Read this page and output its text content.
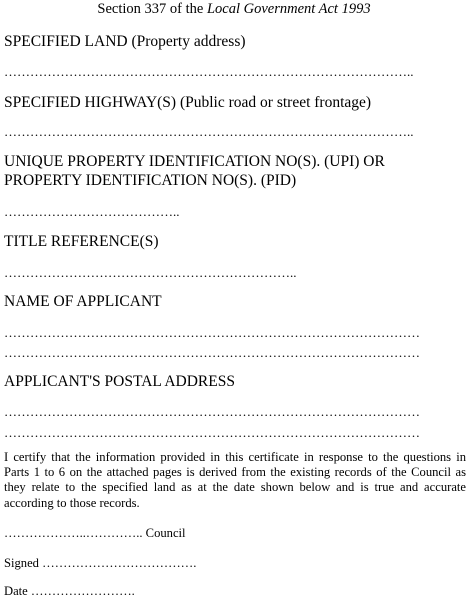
Section 337 of the Local Government Act 1993
SPECIFIED LAND (Property address)
…………………………………………………………………………………..
SPECIFIED HIGHWAY(S) (Public road or street frontage)
…………………………………………………………………………………..
UNIQUE PROPERTY IDENTIFICATION NO(S). (UPI) OR PROPERTY IDENTIFICATION NO(S). (PID)
…………………………………..
TITLE REFERENCE(S)
…………………………………………………………..
NAME OF APPLICANT
……………………………………………………………………………………
……………………………………………………………………………………
APPLICANT'S POSTAL ADDRESS
……………………………………………………………………………………
……………………………………………………………………………………
I certify that the information provided in this certificate in response to the questions in Parts 1 to 6 on the attached pages is derived from the existing records of the Council as they relate to the specified land as at the date shown below and is true and accurate according to those records.
………………..………….. Council
Signed ……………………………….
Date …………………….
